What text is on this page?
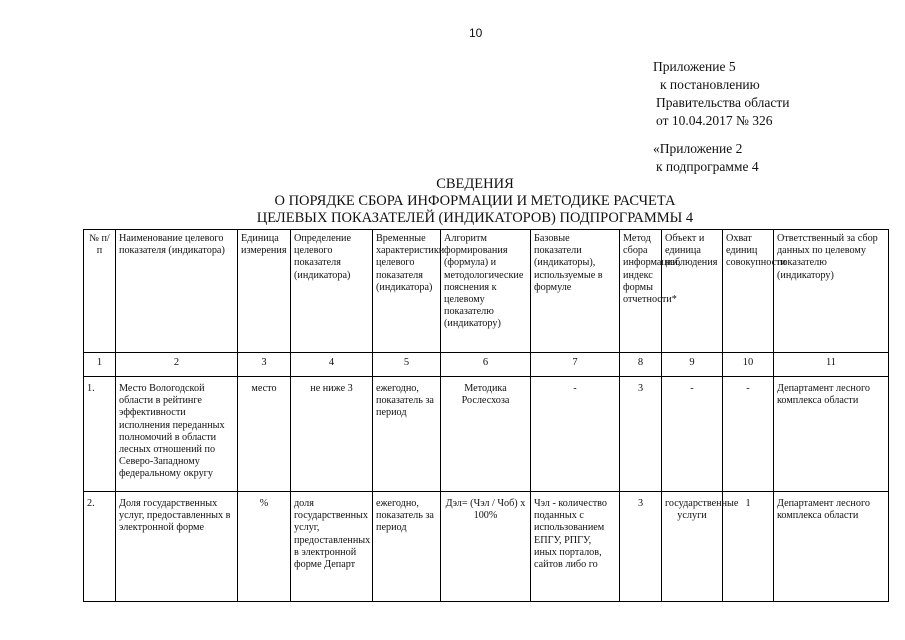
10
Приложение 5
к постановлению
Правительства области
от 10.04.2017 № 326
«Приложение 2
к подпрограмме 4
СВЕДЕНИЯ
О ПОРЯДКЕ СБОРА ИНФОРМАЦИИ И МЕТОДИКЕ РАСЧЕТА
ЦЕЛЕВЫХ ПОКАЗАТЕЛЕЙ (ИНДИКАТОРОВ) ПОДПРОГРАММЫ 4
№ п/п	Наименование целевого показателя (индикатора)	Единица измерения	Определение целевого показателя (индикатора)	Временные характеристики целевого показателя (индикатора)	Алгоритм формирования (формула) и методологические пояснения к целевому показателю (индикатору)	Базовые показатели (индикаторы), используемые в формуле	Метод сбора информации, индекс формы отчетности*	Объект и единица наблюдения	Охват единиц совокупности	Ответственный за сбор данных по целевому показателю (индикатору)
1	2	3	4	5	6	7	8	9	10	11
1.	Место Вологодской области в рейтинге эффективности исполнения переданных полномочий в области лесных отношений по Северо-Западному федеральному округу	место	не ниже 3	ежегодно, показатель за период	Методика Рослесхоза	-	3	-	-	Департамент лесного комплекса области
2.	Доля государственных услуг, предоставленных в электронной форме	%	доля государственных услуг, предоставленных в электронной форме Департ	ежегодно, показатель за период	Дэл= (Чэл / Чоб) х 100%	Чэл - количество поданных с использованием ЕПГУ, РПГУ, иных порталов, сайтов либо го	3	государственные услуги	1	Департамент лесного комплекса области
